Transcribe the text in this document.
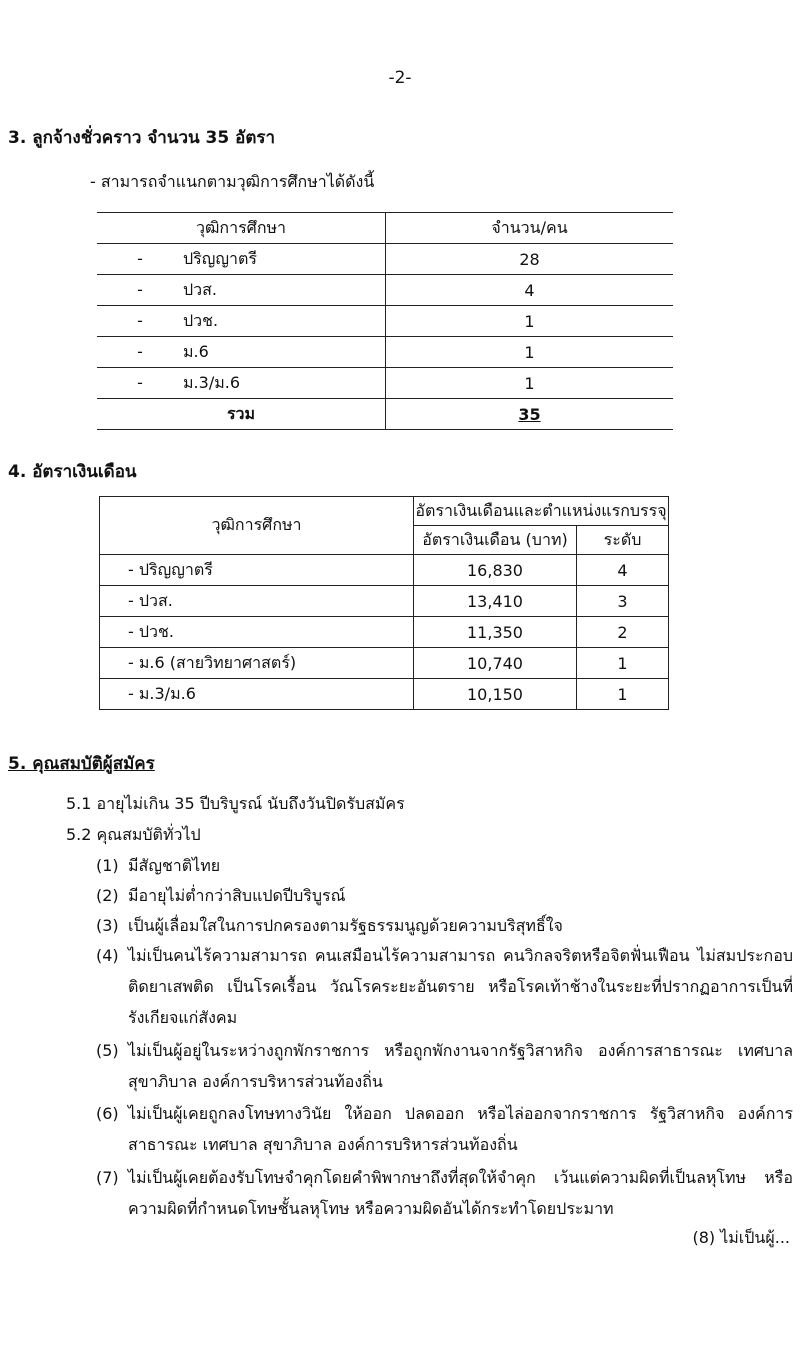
-2-
3. ลูกจ้างชั่วคราว จำนวน 35 อัตรา
- สามารถจำแนกตามวุฒิการศึกษาได้ดังนี้
วุฒิการศึกษา	จำนวน/คน
- ปริญญาตรี	28
- ปวส.	4
- ปวช.	1
- ม.6	1
- ม.3/ม.6	1
รวม	35
4. อัตราเงินเดือน
วุฒิการศึกษา	อัตราเงินเดือนและตำแหน่งแรกบรรจุ	
	อัตราเงินเดือน (บาท)	ระดับ
- ปริญญาตรี	16,830	4
- ปวส.	13,410	3
- ปวช.	11,350	2
- ม.6 (สายวิทยาศาสตร์)	10,740	1
- ม.3/ม.6	10,150	1
5. คุณสมบัติผู้สมัคร
5.1 อายุไม่เกิน 35 ปีบริบูรณ์ นับถึงวันปิดรับสมัคร
5.2 คุณสมบัติทั่วไป
(1) มีสัญชาติไทย
(2) มีอายุไม่ต่ำกว่าสิบแปดปีบริบูรณ์
(3) เป็นผู้เลื่อมใสในการปกครองตามรัฐธรรมนูญด้วยความบริสุทธิ์ใจ
(4) ไม่เป็นคนไร้ความสามารถ คนเสมือนไร้ความสามารถ คนวิกลจริตหรือจิตฟั่นเฟือน ไม่สมประกอบ ติดยาเสพติด เป็นโรคเรื้อน วัณโรคระยะอันตราย หรือโรคเท้าช้างในระยะที่ปรากฏอาการเป็นที่รังเกียจแก่สังคม
(5) ไม่เป็นผู้อยู่ในระหว่างถูกพักราชการ หรือถูกพักงานจากรัฐวิสาหกิจ องค์การสาธารณะ เทศบาล สุขาภิบาล องค์การบริหารส่วนท้องถิ่น
(6) ไม่เป็นผู้เคยถูกลงโทษทางวินัย ให้ออก ปลดออก หรือไล่ออกจากราชการ รัฐวิสาหกิจ องค์การสาธารณะ เทศบาล สุขาภิบาล องค์การบริหารส่วนท้องถิ่น
(7) ไม่เป็นผู้เคยต้องรับโทษจำคุกโดยคำพิพากษาถึงที่สุดให้จำคุก เว้นแต่ความผิดที่เป็นลหุโทษ หรือความผิดที่กำหนดโทษชั้นลหุโทษ หรือความผิดอันได้กระทำโดยประมาท
(8) ไม่เป็นผู้...
